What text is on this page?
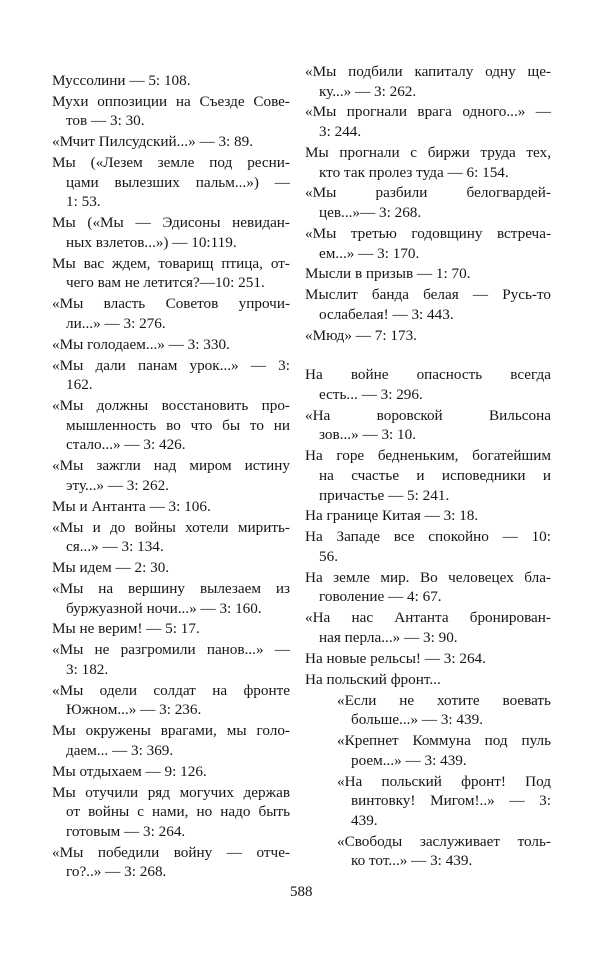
Муссолини — 5: 108.
Мухи оппозиции на Съезде Сове-
тов — 3: 30.
«Мчит Пилсудский...» — 3: 89.
Мы («Лезем земле под ресни-
цами вылезших пальм...») —
1: 53.
Мы («Мы — Эдисоны невидан-
ных взлетов...») — 10:119.
Мы вас ждем, товарищ птица, от-
чего вам не летится?—10: 251.
«Мы власть Советов упрочи-
ли...» — 3: 276.
«Мы голодаем...» — 3: 330.
«Мы дали панам урок...» — 3:
162.
«Мы должны восстановить про-
мышленность во что бы то ни
стало...» — 3: 426.
«Мы зажгли над миром истину
эту...» — 3: 262.
Мы и Антанта — 3: 106.
«Мы и до войны хотели мирить-
ся...» — 3: 134.
Мы идем — 2: 30.
«Мы на вершину вылезаем из
буржуазной ночи...» — 3: 160.
Мы не верим! — 5: 17.
«Мы не разгромили панов...» —
3: 182.
«Мы одели солдат на фронте
Южном...» — 3: 236.
Мы окружены врагами, мы голо-
даем... — 3: 369.
Мы отдыхаем — 9: 126.
Мы отучили ряд могучих держав
от войны с нами, но надо быть
готовым — 3: 264.
«Мы победили войну — отче-
го?..» — 3: 268.
«Мы подбили капиталу одну ще-
ку...» — 3: 262.
«Мы прогнали врага одного...» —
3: 244.
Мы прогнали с биржи труда тех,
кто так пролез туда — 6: 154.
«Мы разбили белогвардей-
цев...»— 3: 268.
«Мы третью годовщину встреча-
ем...» — 3: 170.
Мысли в призыв — 1: 70.
Мыслит банда белая — Русь-то
ослабелая! — 3: 443.
«Мюд» — 7: 173.
На войне опасность всегда
есть... — 3: 296.
«На воровской Вильсона
зов...» — 3: 10.
На горе бедненьким, богатейшим
на счастье и исповедники и
причастье — 5: 241.
На границе Китая — 3: 18.
На Западе все спокойно — 10:
56.
На земле мир. Во человецех бла-
говоление — 4: 67.
«На нас Антанта бронирован-
ная перла...» — 3: 90.
На новые рельсы! — 3: 264.
На польский фронт...
«Если не хотите воевать
больше...» — 3: 439.
«Крепнет Коммуна под пуль
роем...» — 3: 439.
«На польский фронт! Под
винтовку! Мигом!..» — 3:
439.
«Свободы заслуживает толь-
ко тот...» — 3: 439.
588
